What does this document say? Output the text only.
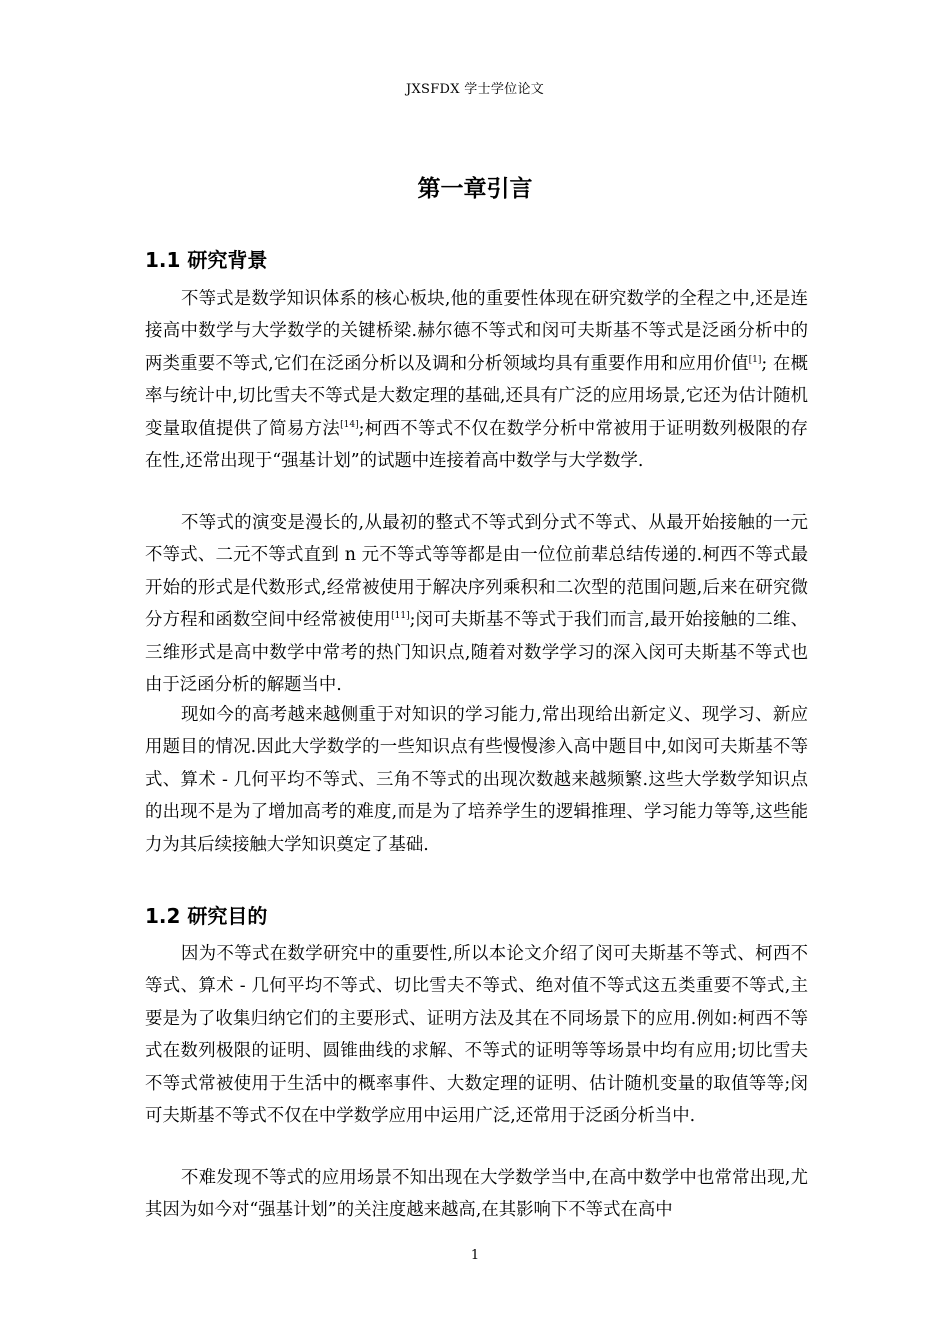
JXSFDX 学士学位论文
第一章引言
1.1 研究背景

不等式是数学知识体系的核心板块,他的重要性体现在研究数学的全程之中,还是连接高中数学与大学数学的关键桥梁.赫尔德不等式和闵可夫斯基不等式是泛函分析中的两类重要不等式,它们在泛函分析以及调和分析领域均具有重要作用和应用价值[1]; 在概率与统计中,切比雪夫不等式是大数定理的基础,还具有广泛的应用场景,它还为估计随机变量取值提供了简易方法[14];柯西不等式不仅在数学分析中常被用于证明数列极限的存在性,还常出现于“强基计划”的试题中连接着高中数学与大学数学.

不等式的演变是漫长的,从最初的整式不等式到分式不等式、从最开始接触的一元不等式、二元不等式直到 n 元不等式等等都是由一位位前辈总结传递的.柯西不等式最开始的形式是代数形式,经常被使用于解决序列乘积和二次型的范围问题,后来在研究微分方程和函数空间中经常被使用[11];闵可夫斯基不等式于我们而言,最开始接触的二维、三维形式是高中数学中常考的热门知识点,随着对数学学习的深入闵可夫斯基不等式也由于泛函分析的解题当中.

现如今的高考越来越侧重于对知识的学习能力,常出现给出新定义、现学习、新应用题目的情况.因此大学数学的一些知识点有些慢慢渗入高中题目中,如闵可夫斯基不等式、算术 - 几何平均不等式、三角不等式的出现次数越来越频繁.这些大学数学知识点的出现不是为了增加高考的难度,而是为了培养学生的逻辑推理、学习能力等等,这些能力为其后续接触大学知识奠定了基础.

1.2 研究目的

因为不等式在数学研究中的重要性,所以本论文介绍了闵可夫斯基不等式、柯西不等式、算术 - 几何平均不等式、切比雪夫不等式、绝对值不等式这五类重要不等式,主要是为了收集归纳它们的主要形式、证明方法及其在不同场景下的应用.例如:柯西不等式在数列极限的证明、圆锥曲线的求解、不等式的证明等等场景中均有应用;切比雪夫不等式常被使用于生活中的概率事件、大数定理的证明、估计随机变量的取值等等;闵可夫斯基不等式不仅在中学数学应用中运用广泛,还常用于泛函分析当中.

不难发现不等式的应用场景不知出现在大学数学当中,在高中数学中也常常出现,尤其因为如今对“强基计划”的关注度越来越高,在其影响下不等式在高中

1
